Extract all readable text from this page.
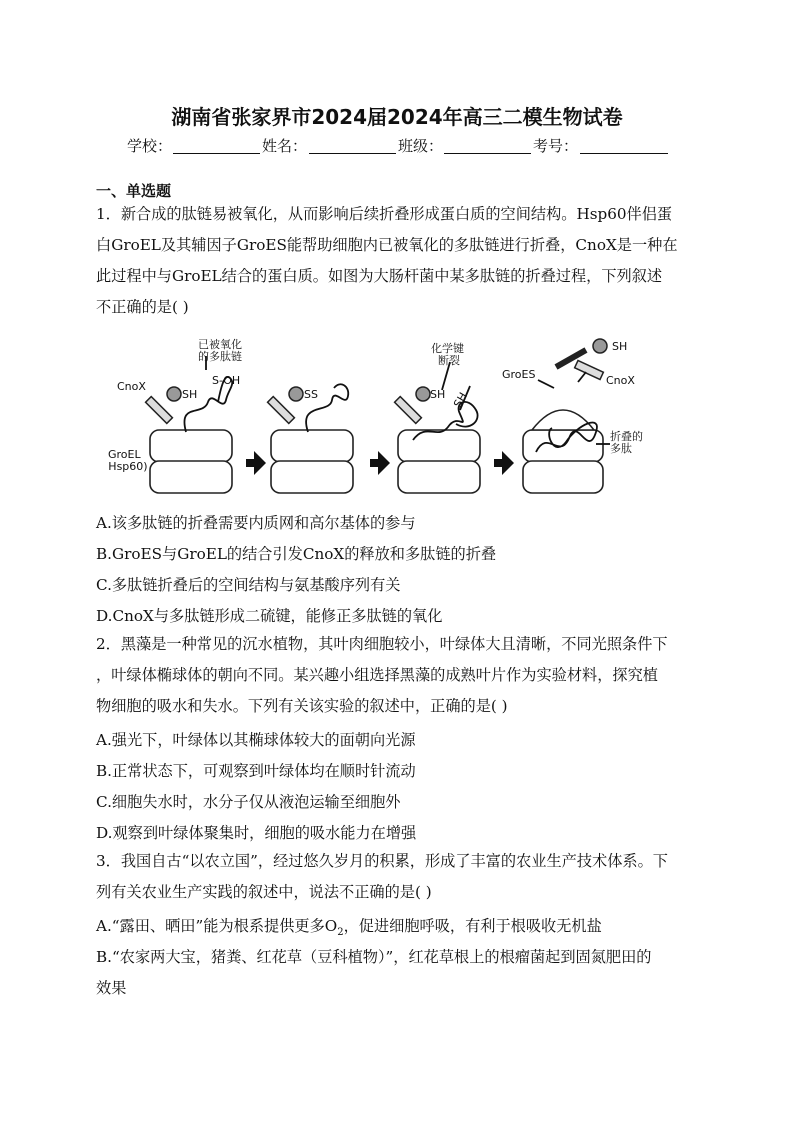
湖南省张家界市2024届2024年高三二模生物试卷
学校：	姓名：	班级：	考号：
一、单选题
1．新合成的肽链易被氧化，从而影响后续折叠形成蛋白质的空间结构。Hsp60伴侣蛋
白GroEL及其辅因子GroES能帮助细胞内已被氧化的多肽链进行折叠，CnoX是一种在
此过程中与GroEL结合的蛋白质。如图为大肠杆菌中某多肽链的折叠过程，下列叙述
不正确的是( )
已被氧化
的多肽链
S-OH
CnoX
SH	SS
GroEL
(Hsp60)
化学键
断裂
SH SH
GroES
SH
CnoX
折叠的
多肽
A.该多肽链的折叠需要内质网和高尔基体的参与
B.GroES与GroEL的结合引发CnoX的释放和多肽链的折叠
C.多肽链折叠后的空间结构与氨基酸序列有关
D.CnoX与多肽链形成二硫键，能修正多肽链的氧化
2．黑藻是一种常见的沉水植物，其叶肉细胞较小，叶绿体大且清晰，不同光照条件下
，叶绿体椭球体的朝向不同。某兴趣小组选择黑藻的成熟叶片作为实验材料，探究植
物细胞的吸水和失水。下列有关该实验的叙述中，正确的是( )
A.强光下，叶绿体以其椭球体较大的面朝向光源
B.正常状态下，可观察到叶绿体均在顺时针流动
C.细胞失水时，水分子仅从液泡运输至细胞外
D.观察到叶绿体聚集时，细胞的吸水能力在增强
3．我国自古“以农立国”，经过悠久岁月的积累，形成了丰富的农业生产技术体系。下
列有关农业生产实践的叙述中，说法不正确的是( )
A.“露田、晒田”能为根系提供更多$O_2$，促进细胞呼吸，有利于根吸收无机盐
B.“农家两大宝，猪粪、红花草（豆科植物）”，红花草根上的根瘤菌起到固氮肥田的
效果
